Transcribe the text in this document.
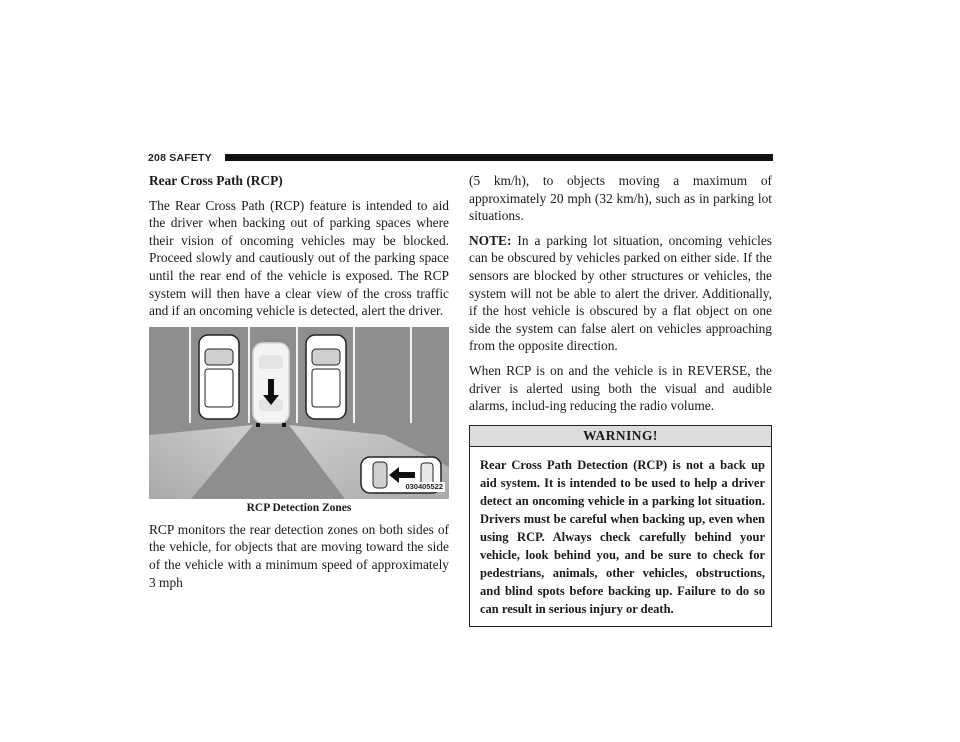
208 SAFETY
Rear Cross Path (RCP)

The Rear Cross Path (RCP) feature is intended to aid the driver when backing out of parking spaces where their vision of oncoming vehicles may be blocked. Proceed slowly and cautiously out of the parking space until the rear end of the vehicle is exposed. The RCP system will then have a clear view of the cross traffic and if an oncoming vehicle is detected, alert the driver.

030405522
RCP Detection Zones

RCP monitors the rear detection zones on both sides of the vehicle, for objects that are moving toward the side of the vehicle with a minimum speed of approximately 3 mph

(5 km/h), to objects moving a maximum of approximately 20 mph (32 km/h), such as in parking lot situations.

NOTE: In a parking lot situation, oncoming vehicles can be obscured by vehicles parked on either side. If the sensors are blocked by other structures or vehicles, the system will not be able to alert the driver. Additionally, if the host vehicle is obscured by a flat object on one side the system can false alert on vehicles approaching from the opposite direction.

When RCP is on and the vehicle is in REVERSE, the driver is alerted using both the visual and audible alarms, includ-ing reducing the radio volume.

WARNING!
Rear Cross Path Detection (RCP) is not a back up aid system. It is intended to be used to help a driver detect an oncoming vehicle in a parking lot situation. Drivers must be careful when backing up, even when using RCP. Always check carefully behind your vehicle, look behind you, and be sure to check for pedestrians, animals, other vehicles, obstructions, and blind spots before backing up. Failure to do so can result in serious injury or death.
